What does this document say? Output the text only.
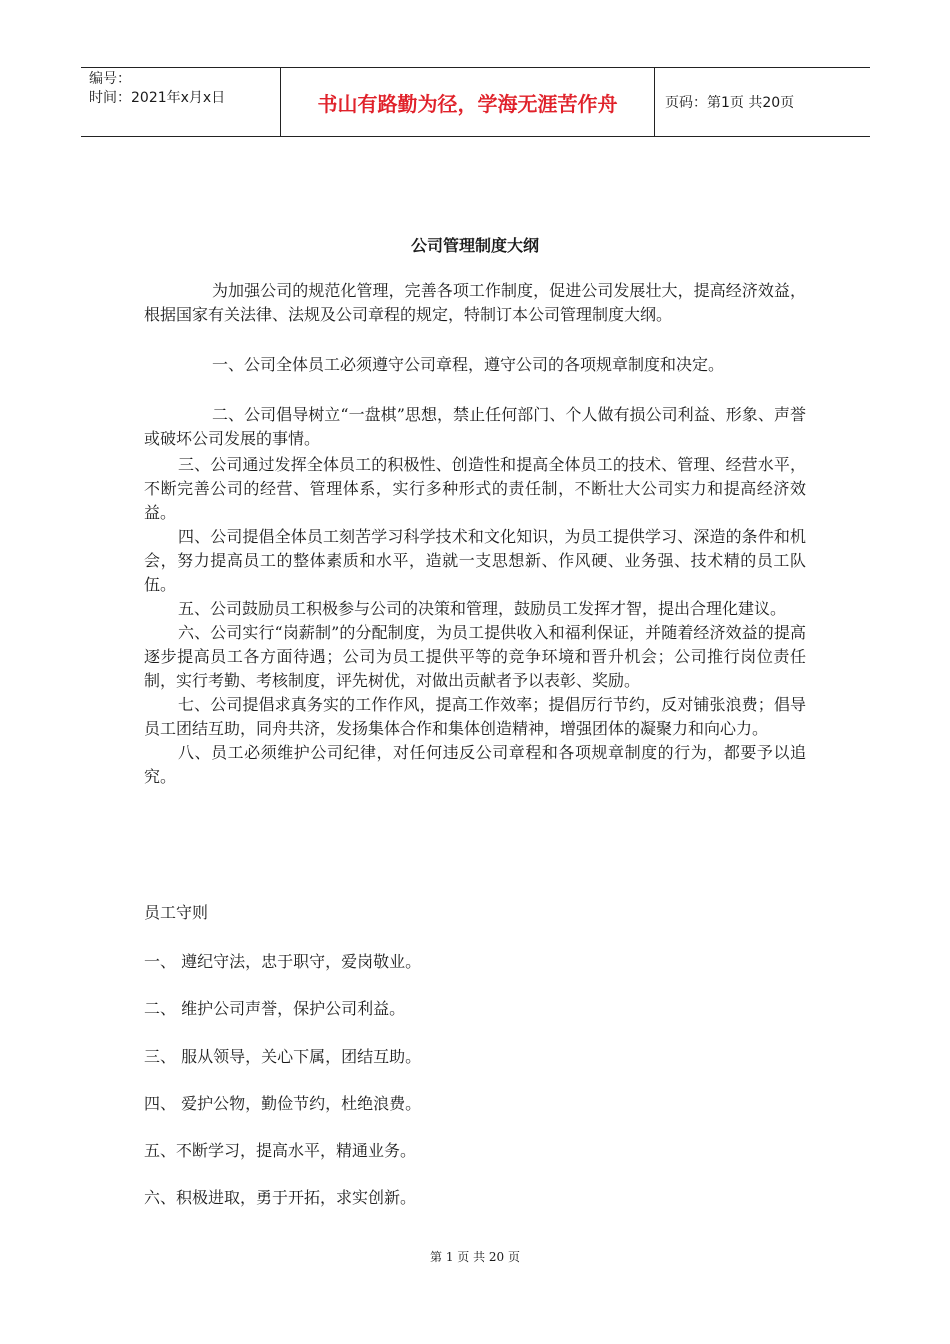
编号：
时间：2021年x月x日	书山有路勤为径，学海无涯苦作舟	页码：第1页 共20页
公司管理制度大纲

为加强公司的规范化管理，完善各项工作制度，促进公司发展壮大，提高经济效益，根据国家有关法律、法规及公司章程的规定，特制订本公司管理制度大纲。

一、公司全体员工必须遵守公司章程，遵守公司的各项规章制度和决定。

二、公司倡导树立“一盘棋”思想，禁止任何部门、个人做有损公司利益、形象、声誉或破坏公司发展的事情。

三、公司通过发挥全体员工的积极性、创造性和提高全体员工的技术、管理、经营水平，不断完善公司的经营、管理体系，实行多种形式的责任制，不断壮大公司实力和提高经济效益。

四、公司提倡全体员工刻苦学习科学技术和文化知识，为员工提供学习、深造的条件和机会，努力提高员工的整体素质和水平，造就一支思想新、作风硬、业务强、技术精的员工队伍。

五、公司鼓励员工积极参与公司的决策和管理，鼓励员工发挥才智，提出合理化建议。

六、公司实行“岗薪制”的分配制度，为员工提供收入和福利保证，并随着经济效益的提高逐步提高员工各方面待遇；公司为员工提供平等的竞争环境和晋升机会；公司推行岗位责任制，实行考勤、考核制度，评先树优，对做出贡献者予以表彰、奖励。

七、公司提倡求真务实的工作作风，提高工作效率；提倡厉行节约，反对铺张浪费；倡导员工团结互助，同舟共济，发扬集体合作和集体创造精神，增强团体的凝聚力和向心力。

八、员工必须维护公司纪律，对任何违反公司章程和各项规章制度的行为，都要予以追究。

员工守则

一、 遵纪守法，忠于职守，爱岗敬业。

二、 维护公司声誉，保护公司利益。

三、 服从领导，关心下属，团结互助。

四、 爱护公物，勤俭节约，杜绝浪费。

五、不断学习，提高水平，精通业务。

六、积极进取，勇于开拓，求实创新。

第 1 页 共 20 页
